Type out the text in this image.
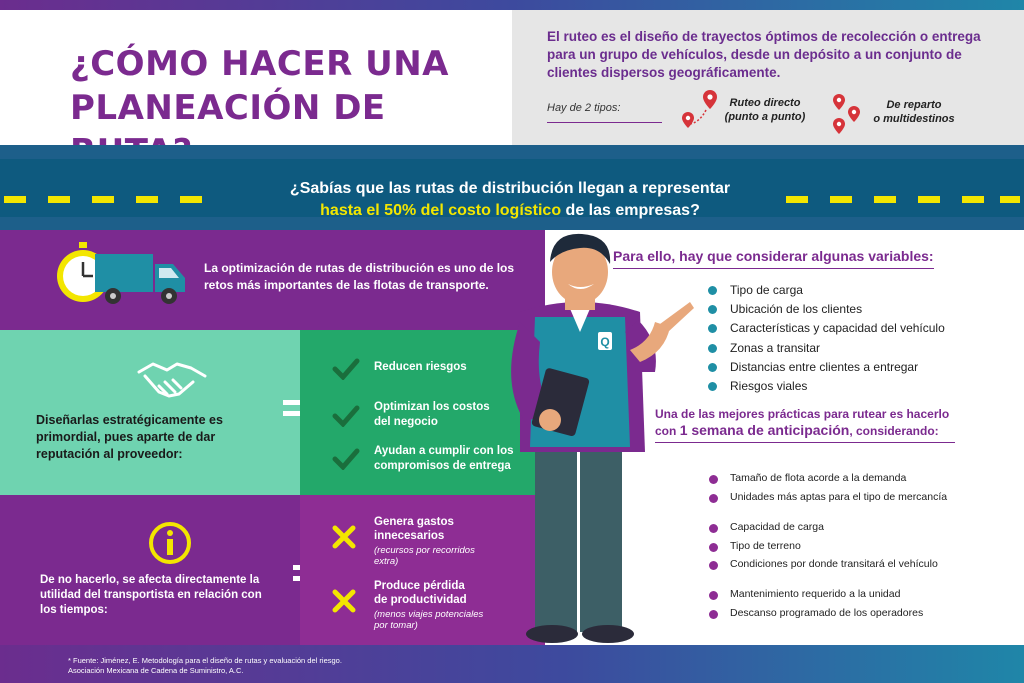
¿CÓMO HACER UNA
PLANEACIÓN DE
El ruteo es el diseño de trayectos óptimos de recolección o entrega para un grupo de vehículos, desde un depósito a un conjunto de clientes dispersos geográficamente.
Hay de 2 tipos:	Ruteo directo
(punto a punto)
De reparto
o multidestinos
¿Sabías que las rutas de distribución llegan a representar
hasta el 50% del costo logístico de las empresas?
La optimización de rutas de distribución es uno de los retos más importantes de las flotas de transporte.
Diseñarlas estratégicamente es primordial, pues aparte de dar reputación al proveedor:
Reducen riesgos
Optimizan los costos del negocio
Ayudan a cumplir con los compromisos de entrega
De no hacerlo, se afecta directamente la utilidad del transportista en relación con los tiempos:
Genera gastos innecesarios
(recursos por recorridos extra)
Produce pérdida de productividad
(menos viajes potenciales por tomar)
Para ello, hay que considerar algunas variables:
Tipo de carga
Ubicación de los clientes
Características y capacidad del vehículo
Zonas a transitar
Distancias entre clientes a entregar
Riesgos viales
Una de las mejores prácticas para rutear es hacerlo con 1 semana de anticipación, considerando:
Tamaño de flota acorde a la demanda
Unidades más aptas para el tipo de mercancía
Capacidad de carga
Tipo de terreno
Condiciones por donde transitará el vehículo
Mantenimiento requerido a la unidad
Descanso programado de los operadores
Q
* Fuente: Jiménez, E. Metodología para el diseño de rutas y evaluación del riesgo.
Asociación Mexicana de Cadena de Suministro, A.C.
